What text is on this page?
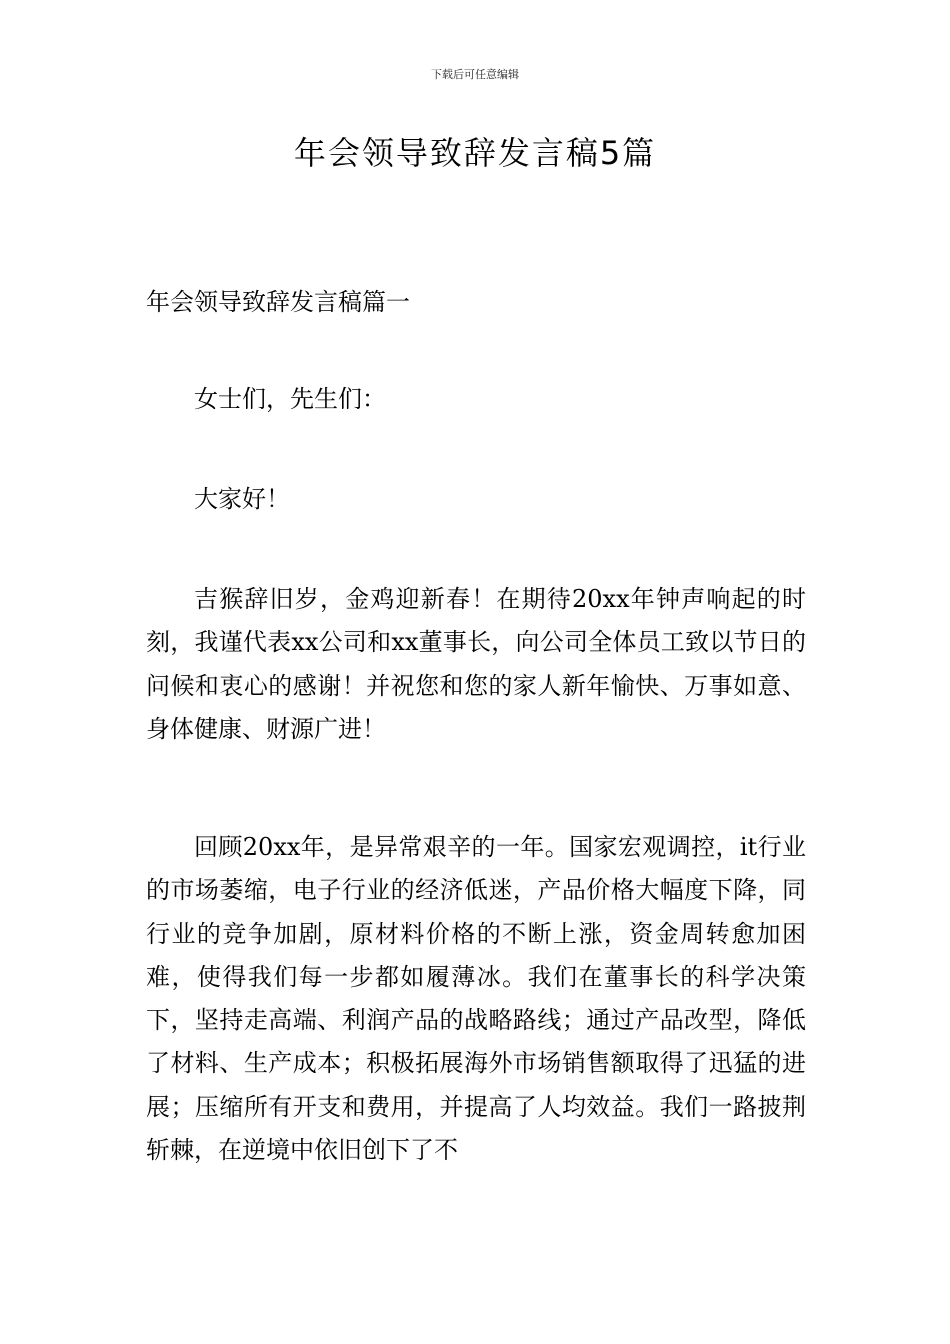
下载后可任意编辑
年会领导致辞发言稿5篇
年会领导致辞发言稿篇一

女士们，先生们：

大家好！

吉猴辞旧岁，金鸡迎新春！在期待20xx年钟声响起的时刻，我谨代表xx公司和xx董事长，向公司全体员工致以节日的问候和衷心的感谢！并祝您和您的家人新年愉快、万事如意、身体健康、财源广进！

回顾20xx年，是异常艰辛的一年。国家宏观调控，it行业的市场萎缩，电子行业的经济低迷，产品价格大幅度下降，同行业的竞争加剧，原材料价格的不断上涨，资金周转愈加困难，使得我们每一步都如履薄冰。我们在董事长的科学决策下，坚持走高端、利润产品的战略路线；通过产品改型，降低了材料、生产成本；积极拓展海外市场销售额取得了迅猛的进展；压缩所有开支和费用，并提高了人均效益。我们一路披荆斩棘，在逆境中依旧创下了不
